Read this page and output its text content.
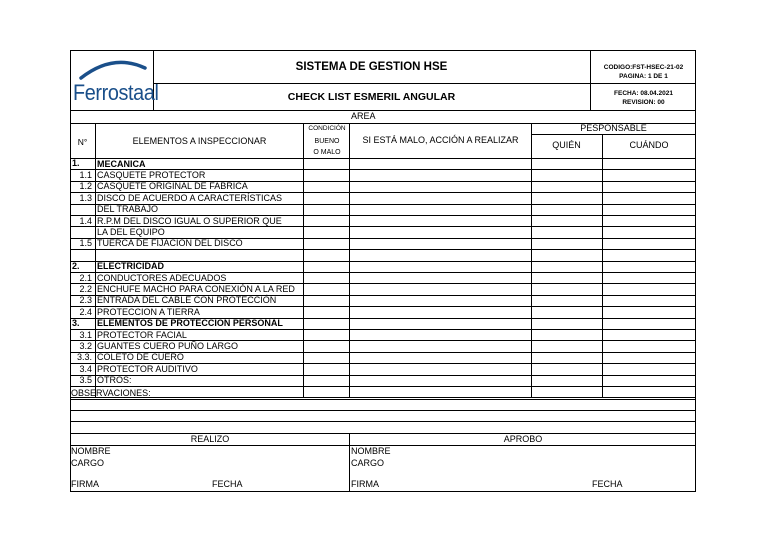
Ferrostaal
SISTEMA DE GESTION HSE
CHECK LIST ESMERIL ANGULAR
CODIGO:FST-HSEC-21-02
PAGINA: 1 DE 1
FECHA: 08.04.2021
REVISION: 00
AREA
N°	ELEMENTOS A INSPECCIONAR
CONDICIÓN
BUENO
O MALO
SI ESTÁ MALO, ACCIÓN A REALIZAR
PESPONSABLE
QUIÉN	CUÁNDO
1. MECANICA
1.1 CASQUETE PROTECTOR
1.2 CASQUETE ORIGINAL DE FABRICA
1.3 DISCO DE ACUERDO A CARACTERÍSTICAS
DEL TRABAJO
1.4 R.P.M DEL DISCO IGUAL O SUPERIOR QUE
LA DEL EQUIPO
1.5 TUERCA DE FIJACION DEL DISCO
2. ELECTRICIDAD
2.1 CONDUCTORES ADECUADOS
2.2 ENCHUFE MACHO PARA CONEXIÓN A LA RED
2.3 ENTRADA DEL CABLE CON PROTECCIÓN
2.4 PROTECCION A TIERRA
3. ELEMENTOS DE PROTECCION PERSONAL
3.1 PROTECTOR FACIAL
3.2 GUANTES CUERO PUÑO LARGO
3.3. COLETO DE CUERO
3.4 PROTECTOR AUDITIVO
3.5 OTROS:
OBSERVACIONES:
REALIZO	APROBO
NOMBRE
CARGO
FIRMA	FECHA
NOMBRE
CARGO
FIRMA	FECHA
